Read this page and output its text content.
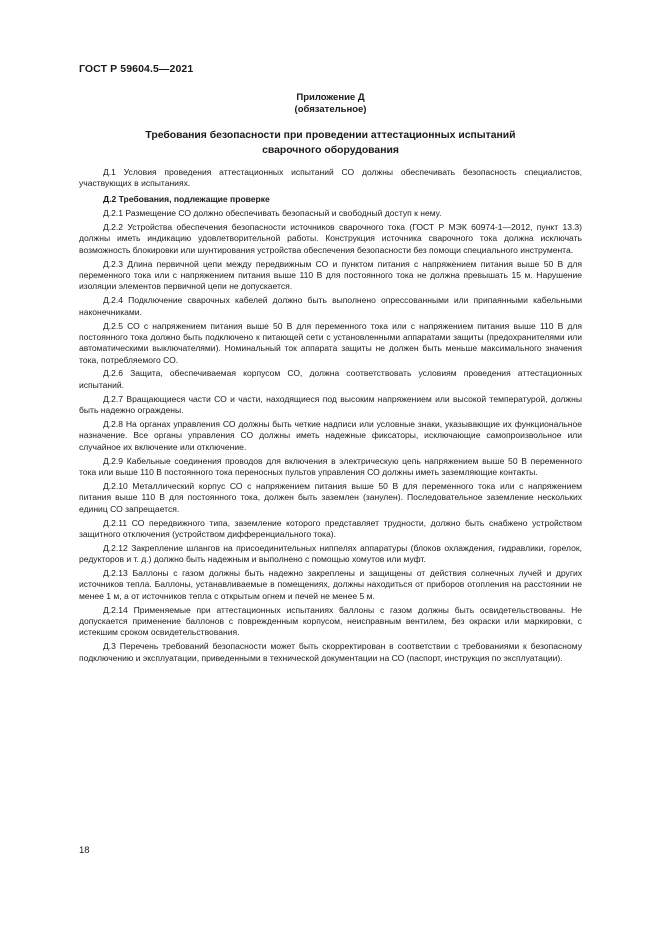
ГОСТ Р 59604.5—2021
Приложение Д
(обязательное)
Требования безопасности при проведении аттестационных испытаний
сварочного оборудования

Д.1 Условия проведения аттестационных испытаний СО должны обеспечивать безопасность специалистов, участвующих в испытаниях.

Д.2 Требования, подлежащие проверке

Д.2.1 Размещение СО должно обеспечивать безопасный и свободный доступ к нему.

Д.2.2 Устройства обеспечения безопасности источников сварочного тока (ГОСТ Р МЭК 60974-1—2012, пункт 13.3) должны иметь индикацию удовлетворительной работы. Конструкция источника сварочного тока должна исключать возможность блокировки или шунтирования устройства обеспечения безопасности без помощи специального инструмента.

Д.2.3 Длина первичной цепи между передвижным СО и пунктом питания с напряжением питания выше 50 В для переменного тока или с напряжением питания выше 110 В для постоянного тока не должна превышать 15 м. Нарушение изоляции элементов первичной цепи не допускается.

Д.2.4 Подключение сварочных кабелей должно быть выполнено опрессованными или припаянными кабельными наконечниками.

Д.2.5 СО с напряжением питания выше 50 В для переменного тока или с напряжением питания выше 110 В для постоянного тока должно быть подключено к питающей сети с установленными аппаратами защиты (предохранителями или автоматическими выключателями). Номинальный ток аппарата защиты не должен быть меньше максимального значения тока, потребляемого СО.

Д.2.6 Защита, обеспечиваемая корпусом СО, должна соответствовать условиям проведения аттестационных испытаний.

Д.2.7 Вращающиеся части СО и части, находящиеся под высоким напряжением или высокой температурой, должны быть надежно ограждены.

Д.2.8 На органах управления СО должны быть четкие надписи или условные знаки, указывающие их функциональное назначение. Все органы управления СО должны иметь надежные фиксаторы, исключающие самопроизвольное или случайное их включение или отключение.

Д.2.9 Кабельные соединения проводов для включения в электрическую цепь напряжением выше 50 В переменного тока или выше 110 В постоянного тока переносных пультов управления СО должны иметь заземляющие контакты.

Д.2.10 Металлический корпус СО с напряжением питания выше 50 В для переменного тока или с напряжением питания выше 110 В для постоянного тока, должен быть заземлен (занулен). Последовательное заземление нескольких единиц СО запрещается.

Д.2.11 СО передвижного типа, заземление которого представляет трудности, должно быть снабжено устройством защитного отключения (устройством дифференциального тока).

Д.2.12 Закрепление шлангов на присоединительных ниппелях аппаратуры (блоков охлаждения, гидравлики, горелок, редукторов и т. д.) должно быть надежным и выполнено с помощью хомутов или муфт.

Д.2.13 Баллоны с газом должны быть надежно закреплены и защищены от действия солнечных лучей и других источников тепла. Баллоны, устанавливаемые в помещениях, должны находиться от приборов отопления на расстоянии не менее 1 м, а от источников тепла с открытым огнем и печей не менее 5 м.

Д.2.14 Применяемые при аттестационных испытаниях баллоны с газом должны быть освидетельствованы. Не допускается применение баллонов с поврежденным корпусом, неисправным вентилем, без окраски или маркировки, с истекшим сроком освидетельствования.

Д.3 Перечень требований безопасности может быть скорректирован в соответствии с требованиями к безопасному подключению и эксплуатации, приведенными в технической документации на СО (паспорт, инструкция по эксплуатации).

18
